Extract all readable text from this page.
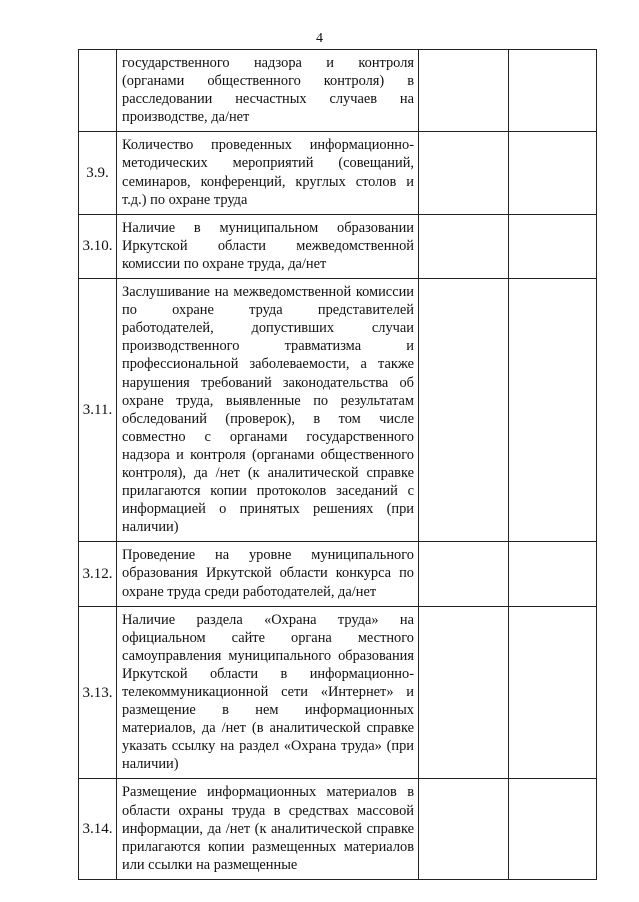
4

	государственного надзора и контроля (органами общественного контроля) в расследовании несчастных случаев на производстве, да/нет		

3.9.	Количество проведенных информационно-методических мероприятий (совещаний, семинаров, конференций, круглых столов и т.д.) по охране труда		

3.10.	Наличие в муниципальном образовании Иркутской области межведомственной комиссии по охране труда, да/нет		

3.11.	Заслушивание на межведомственной комиссии по охране труда представителей работодателей, допустивших случаи производственного травматизма и профессиональной заболеваемости, а также нарушения требований законодательства об охране труда, выявленные по результатам обследований (проверок), в том числе совместно с органами государственного надзора и контроля (органами общественного контроля), да /нет (к аналитической справке прилагаются копии протоколов заседаний с информацией о принятых решениях (при наличии)		

3.12.	Проведение на уровне муниципального образования Иркутской области конкурса по охране труда среди работодателей, да/нет		

3.13.	Наличие раздела «Охрана труда» на официальном сайте органа местного самоуправления муниципального образования Иркутской области в информационно-телекоммуникационной сети «Интернет» и размещение в нем информационных материалов, да /нет (в аналитической справке указать ссылку на раздел «Охрана труда» (при наличии)		

3.14.	Размещение информационных материалов в области охраны труда в средствах массовой информации, да /нет (к аналитической справке прилагаются копии размещенных материалов или ссылки на размещенные		
